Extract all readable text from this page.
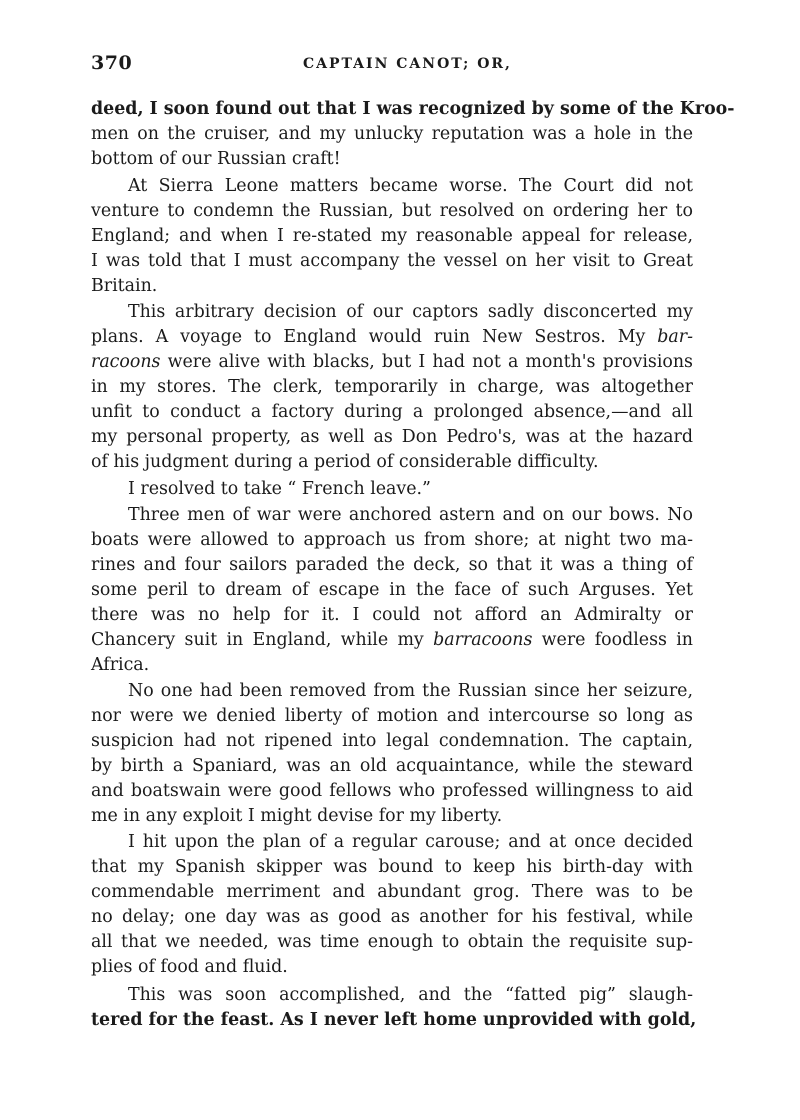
370	CAPTAIN CANOT; OR,
deed, I soon found out that I was recognized by some of the Kroo-
men on the cruiser, and my unlucky reputation was a hole in the
bottom of our Russian craft!
At Sierra Leone matters became worse. The Court did not
venture to condemn the Russian, but resolved on ordering her to
England; and when I re-stated my reasonable appeal for release,
I was told that I must accompany the vessel on her visit to Great
Britain.
This arbitrary decision of our captors sadly disconcerted my
plans. A voyage to England would ruin New Sestros. My bar-
racoons were alive with blacks, but I had not a month's provisions
in my stores. The clerk, temporarily in charge, was altogether
unfit to conduct a factory during a prolonged absence,—and all
my personal property, as well as Don Pedro's, was at the hazard
of his judgment during a period of considerable difficulty.
I resolved to take “ French leave.”
Three men of war were anchored astern and on our bows. No
boats were allowed to approach us from shore; at night two ma-
rines and four sailors paraded the deck, so that it was a thing of
some peril to dream of escape in the face of such Arguses. Yet
there was no help for it. I could not afford an Admiralty or
Chancery suit in England, while my barracoons were foodless in
Africa.
No one had been removed from the Russian since her seizure,
nor were we denied liberty of motion and intercourse so long as
suspicion had not ripened into legal condemnation. The captain,
by birth a Spaniard, was an old acquaintance, while the steward
and boatswain were good fellows who professed willingness to aid
me in any exploit I might devise for my liberty.
I hit upon the plan of a regular carouse; and at once decided
that my Spanish skipper was bound to keep his birth-day with
commendable merriment and abundant grog. There was to be
no delay; one day was as good as another for his festival, while
all that we needed, was time enough to obtain the requisite sup-
plies of food and fluid.
This was soon accomplished, and the “fatted pig” slaugh-
tered for the feast. As I never left home unprovided with gold,
